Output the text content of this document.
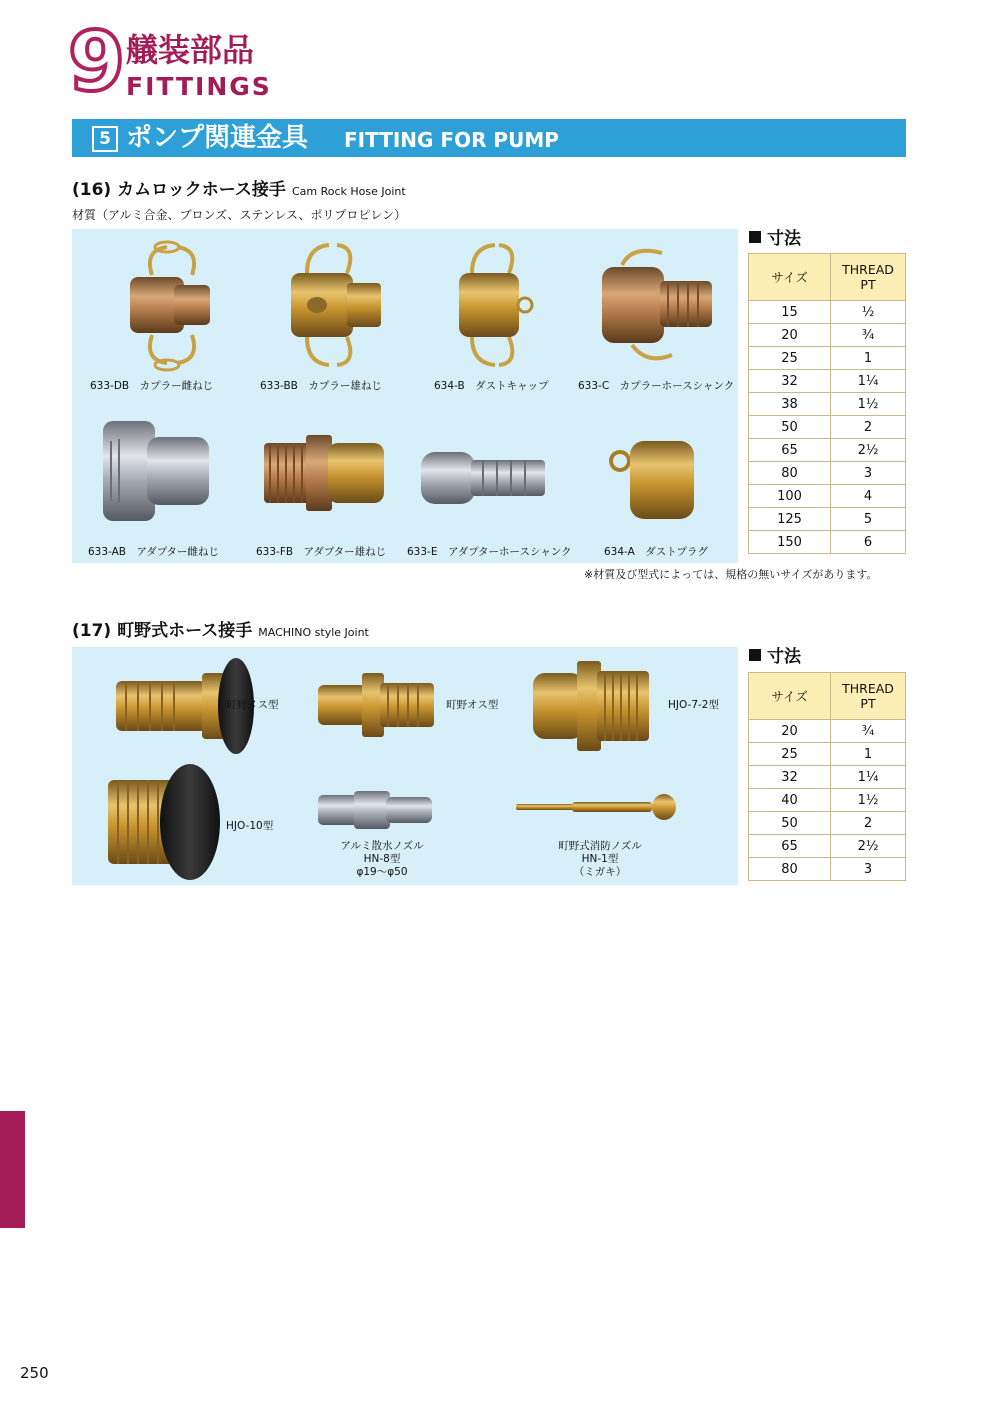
9 艤装部品
FITTINGS
5 ポンプ関連金具 FITTING FOR PUMP
(16) カムロックホース接手 Cam Rock Hose Joint
材質（アルミ合金、ブロンズ、ステンレス、ポリプロピレン）
633-DB　カプラー雌ねじ	633-BB　カプラー雄ねじ	634-B　ダストキャップ	633-C　カプラーホースシャンク
633-AB　アダプター雌ねじ	633-FB　アダプター雄ねじ 633-E　アダプターホースシャンク	634-A　ダストプラグ
寸法
サイズ	THREAD
PT
15	½
20	¾
25	1
32	1¼
38	1½
50	2
65	2½
80	3
100	4
125	5
150	6
※材質及び型式によっては、規格の無いサイズがあります。
(17) 町野式ホース接手 MACHINO style Joint
町野メス型	町野オス型	HJO-7-2型
HJO-10型
アルミ散水ノズル
HN-8型
φ19〜φ50
町野式消防ノズル
HN-1型
（ミガキ）
寸法
サイズ	THREAD
PT
20	¾
25	1
32	1¼
40	1½
50	2
65	2½
80	3
250
